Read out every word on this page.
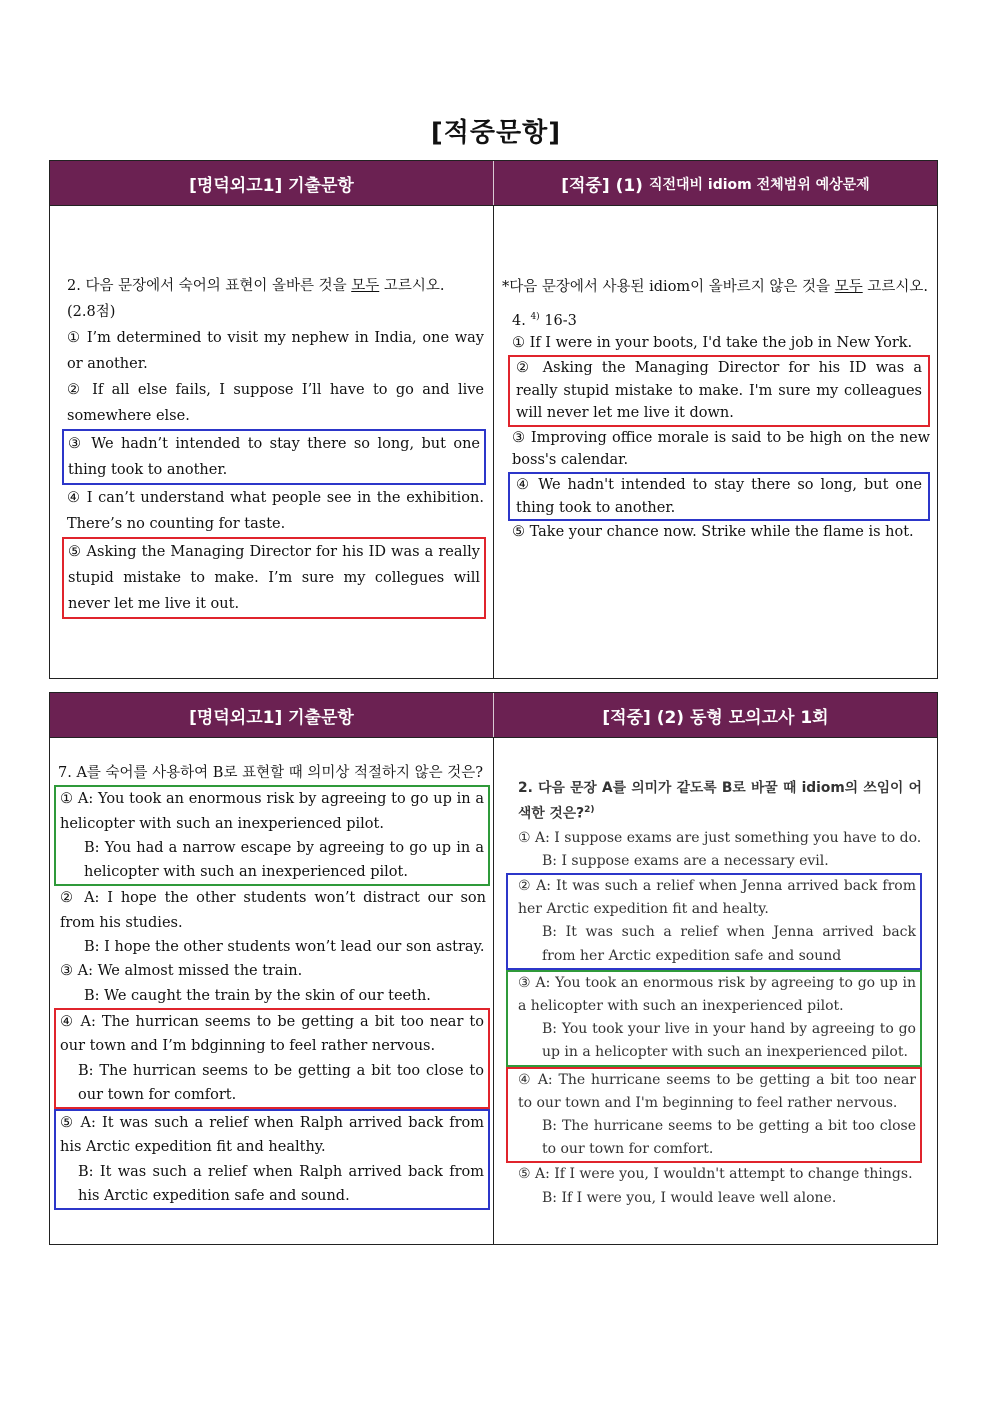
[적중문항]
[명덕외고1] 기출문항	[적중] (1) 직전대비 idiom 전체범위 예상문제

2. 다음 문장에서 숙어의 표현이 올바른 것을 모두 고르시오.

(2.8점)

① I’m determined to visit my nephew in India, one way or another.

② If all else fails, I suppose I’ll have to go and live somewhere else.

③ We hadn’t intended to stay there so long, but one thing took to another.

④ I can’t understand what people see in the exhibition. There’s no counting for taste.

⑤ Asking the Managing Director for his ID was a really stupid mistake to make. I’m sure my collegues will never let me live it out.

*다음 문장에서 사용된 idiom이 올바르지 않은 것을 모두 고르시오.

4. $^{4)}$ 16-3

① If I were in your boots, I'd take the job in New York.

② Asking the Managing Director for his ID was a really stupid mistake to make. I'm sure my colleagues will never let me live it down.

③ Improving office morale is said to be high on the new boss's calendar.

④ We hadn't intended to stay there so long, but one thing took to another.

⑤ Take your chance now. Strike while the flame is hot.

[명덕외고1] 기출문항	[적중] (2) 동형 모의고사 1회

7. A를 숙어를 사용하여 B로 표현할 때 의미상 적절하지 않은 것은?

① A: You took an enormous risk by agreeing to go up in a helicopter with such an inexperienced pilot.

B: You had a narrow escape by agreeing to go up in a helicopter with such an inexperienced pilot.

② A: I hope the other students won’t distract our son from his studies.

B: I hope the other students won’t lead our son astray.

③ A: We almost missed the train.

B: We caught the train by the skin of our teeth.

④ A: The hurrican seems to be getting a bit too near to our town and I’m bdginning to feel rather nervous.

B: The hurrican seems to be getting a bit too close to our town for comfort.

⑤ A: It was such a relief when Ralph arrived back from his Arctic expedition fit and healthy.

B: It was such a relief when Ralph arrived back from his Arctic expedition safe and sound.

2. 다음 문장 A를 의미가 같도록 B로 바꿀 때 idiom의 쓰임이 어색한 것은?$^{2)}$

① A: I suppose exams are just something you have to do.

B: I suppose exams are a necessary evil.

② A: It was such a relief when Jenna arrived back from her Arctic expedition fit and healty.

B: It was such a relief when Jenna arrived back from her Arctic expedition safe and sound

③ A: You took an enormous risk by agreeing to go up in a helicopter with such an inexperienced pilot.

B: You took your live in your hand by agreeing to go up in a helicopter with such an inexperienced pilot.

④ A: The hurricane seems to be getting a bit too near to our town and I'm beginning to feel rather nervous.

B: The hurricane seems to be getting a bit too close to our town for comfort.

⑤ A: If I were you, I wouldn't attempt to change things.

B: If I were you, I would leave well alone.
